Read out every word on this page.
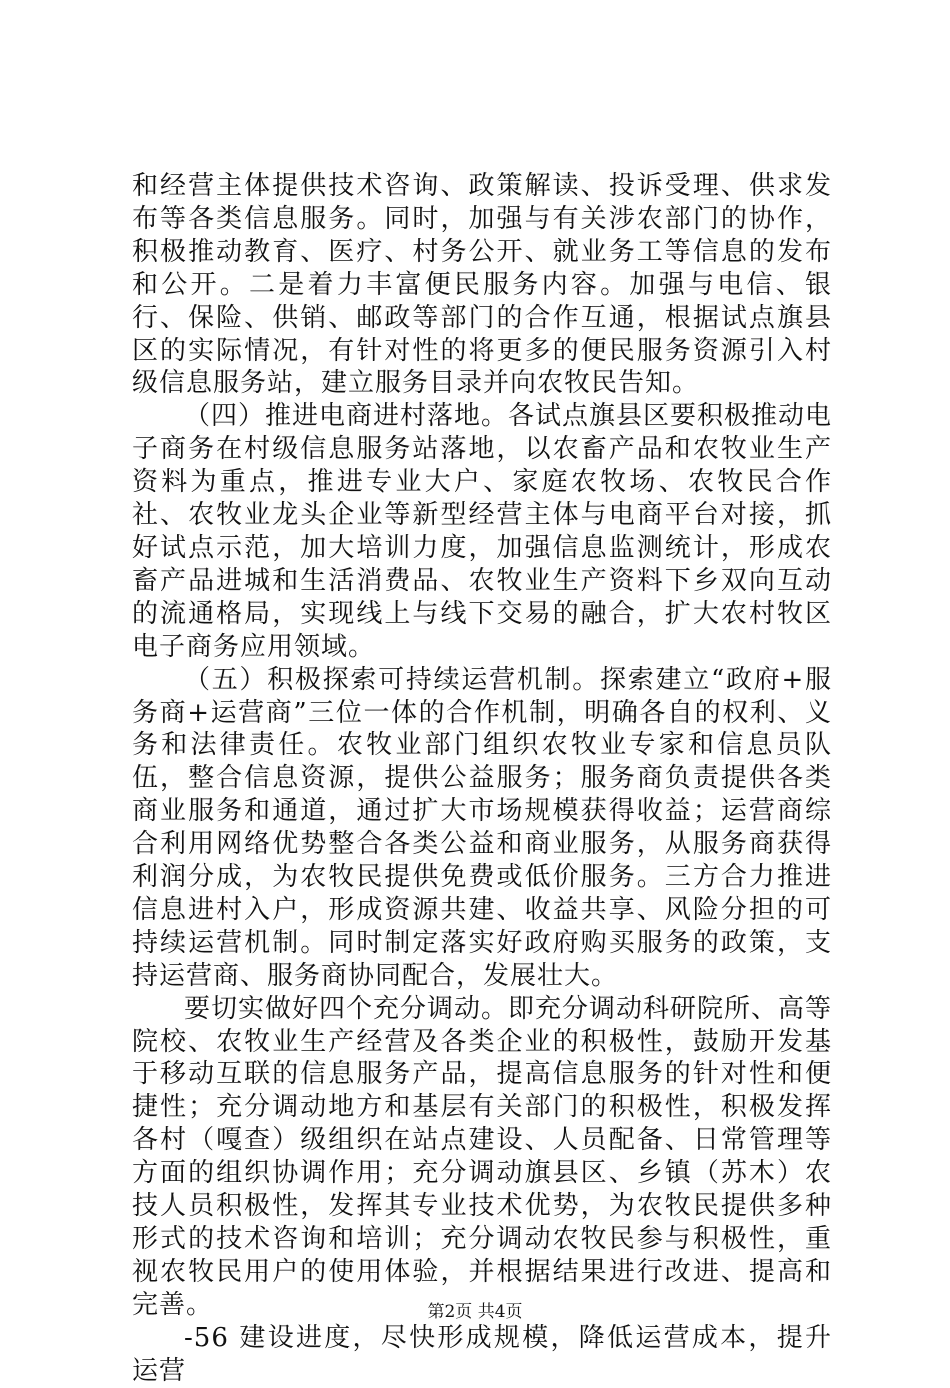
和经营主体提供技术咨询、政策解读、投诉受理、供求发布等各类信息服务。同时，加强与有关涉农部门的协作，积极推动教育、医疗、村务公开、就业务工等信息的发布和公开。二是着力丰富便民服务内容。加强与电信、银行、保险、供销、邮政等部门的合作互通，根据试点旗县区的实际情况，有针对性的将更多的便民服务资源引入村级信息服务站，建立服务目录并向农牧民告知。

（四）推进电商进村落地。各试点旗县区要积极推动电子商务在村级信息服务站落地，以农畜产品和农牧业生产资料为重点，推进专业大户、家庭农牧场、农牧民合作社、农牧业龙头企业等新型经营主体与电商平台对接，抓好试点示范，加大培训力度，加强信息监测统计，形成农畜产品进城和生活消费品、农牧业生产资料下乡双向互动的流通格局，实现线上与线下交易的融合，扩大农村牧区电子商务应用领域。

（五）积极探索可持续运营机制。探索建立“政府+服务商+运营商”三位一体的合作机制，明确各自的权利、义务和法律责任。农牧业部门组织农牧业专家和信息员队伍，整合信息资源，提供公益服务；服务商负责提供各类商业服务和通道，通过扩大市场规模获得收益；运营商综合利用网络优势整合各类公益和商业服务，从服务商获得利润分成，为农牧民提供免费或低价服务。三方合力推进信息进村入户，形成资源共建、收益共享、风险分担的可持续运营机制。同时制定落实好政府购买服务的政策，支持运营商、服务商协同配合，发展壮大。

要切实做好四个充分调动。即充分调动科研院所、高等院校、农牧业生产经营及各类企业的积极性，鼓励开发基于移动互联的信息服务产品，提高信息服务的针对性和便捷性；充分调动地方和基层有关部门的积极性，积极发挥各村（嘎查）级组织在站点建设、人员配备、日常管理等方面的组织协调作用；充分调动旗县区、乡镇（苏木）农技人员积极性，发挥其专业技术优势，为农牧民提供多种形式的技术咨询和培训；充分调动农牧民参与积极性，重视农牧民用户的使用体验，并根据结果进行改进、提高和完善。

-56 建设进度，尽快形成规模，降低运营成本，提升运营

第2页 共4页
